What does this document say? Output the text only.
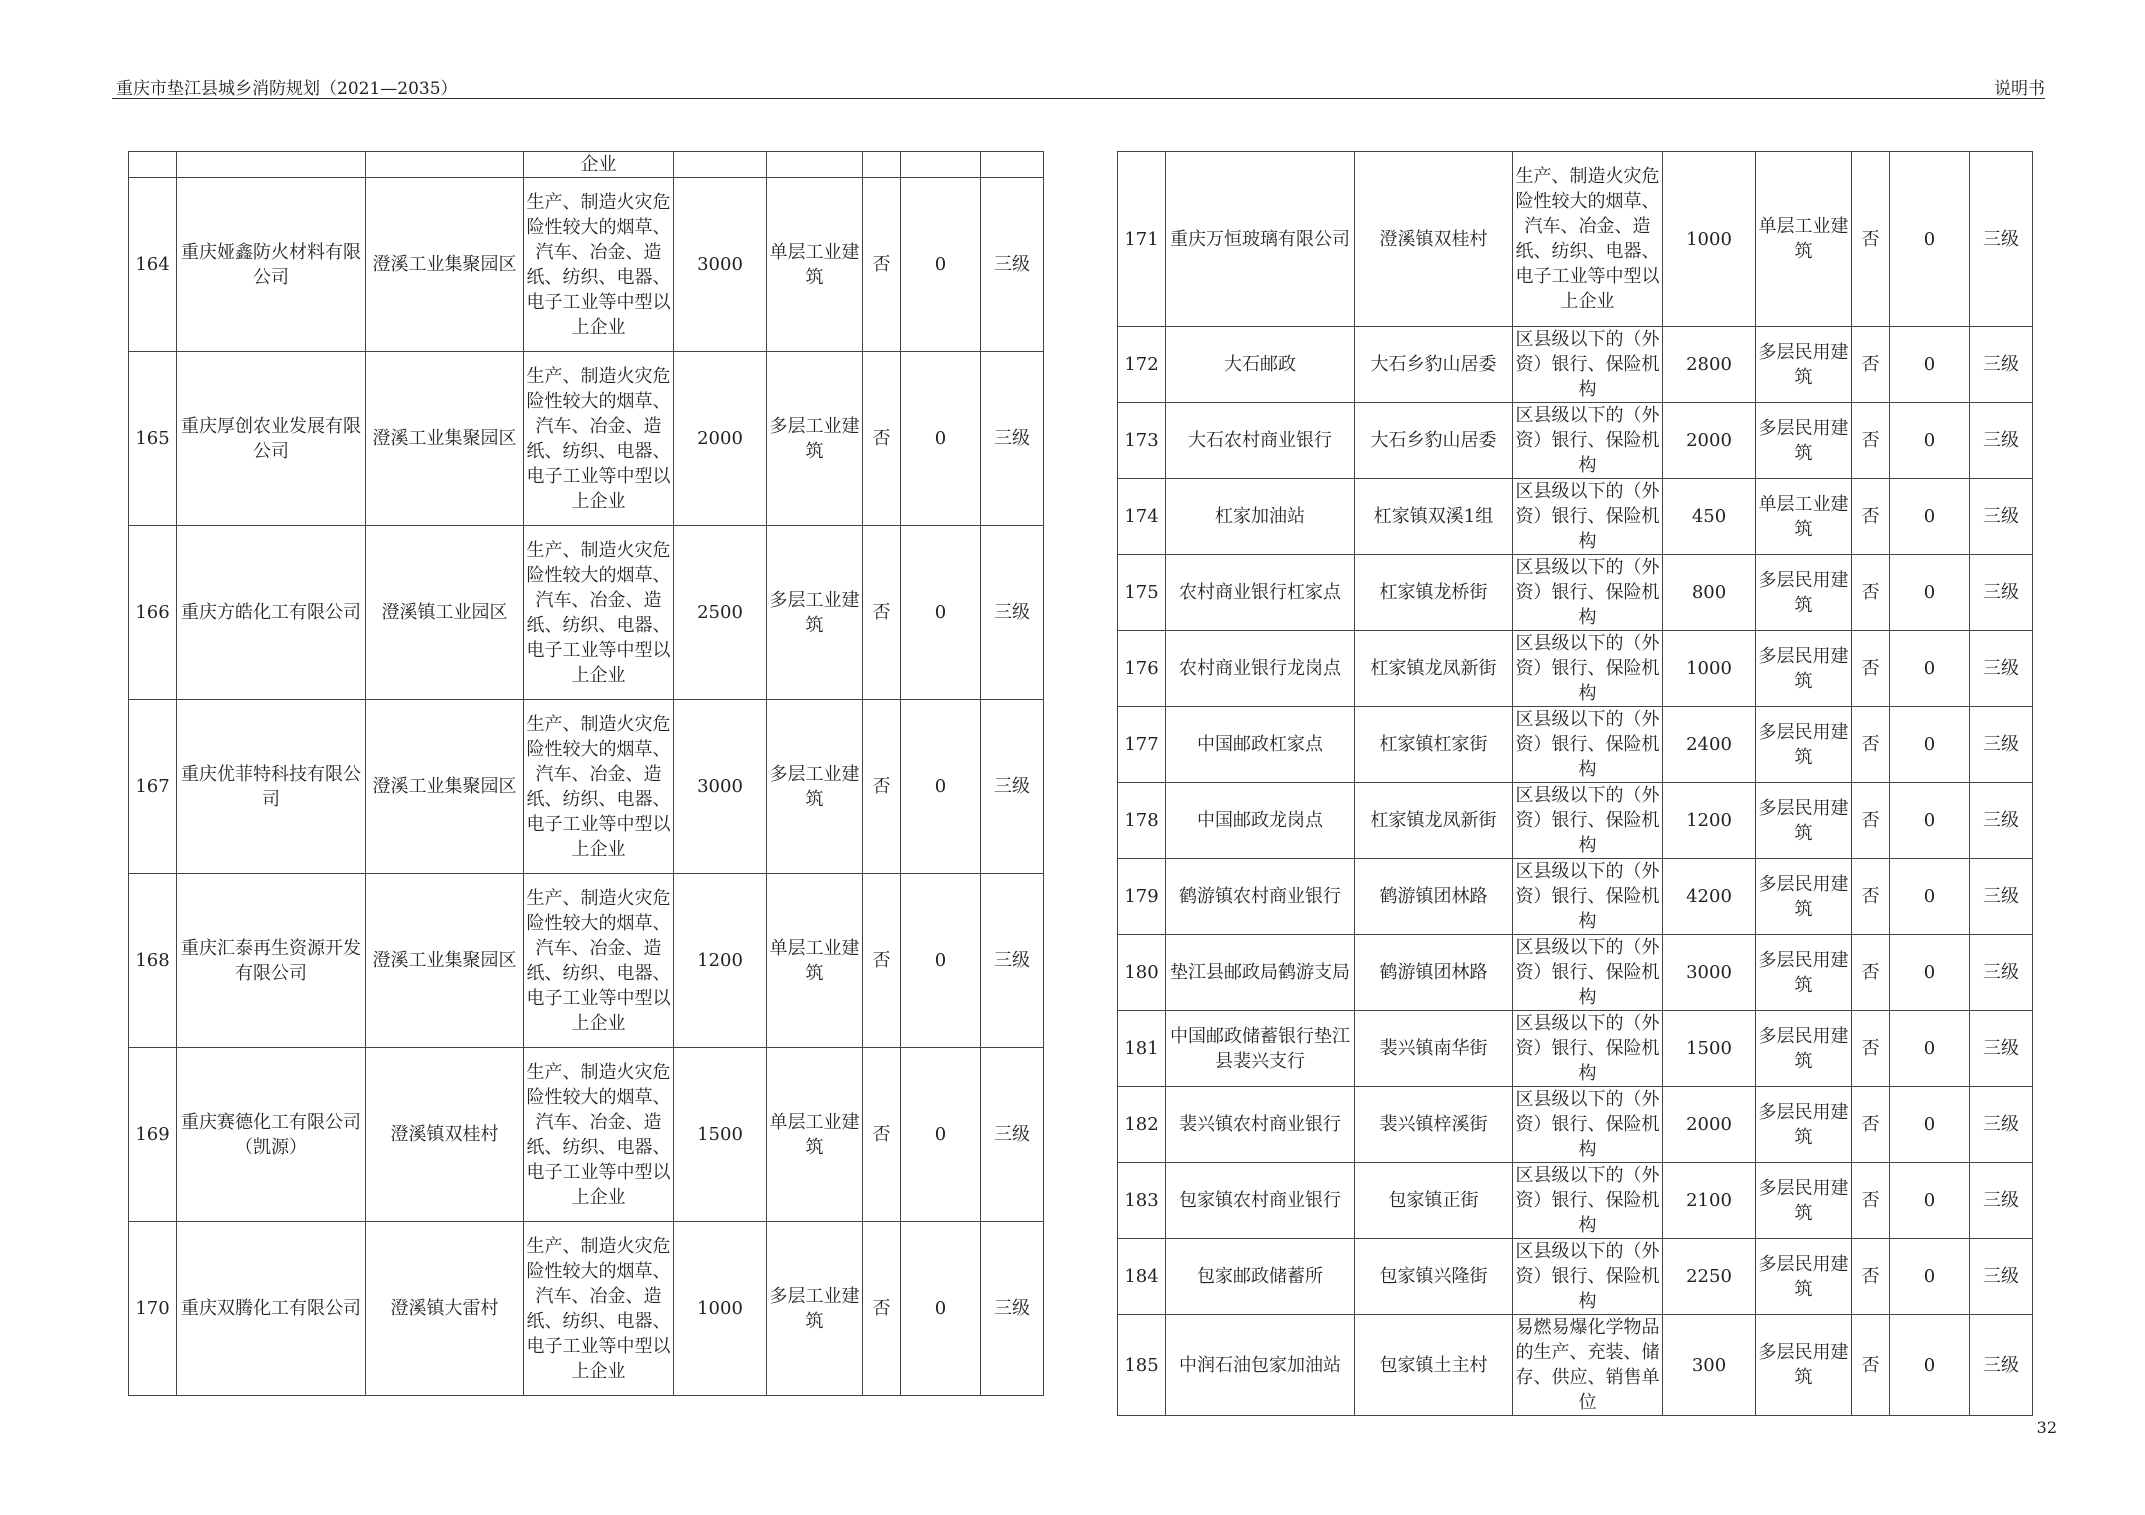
重庆市垫江县城乡消防规划（2021—2035）	说明书
			企业					
164	重庆娅鑫防火材料有限公司	澄溪工业集聚园区	生产、制造火灾危险性较大的烟草、汽车、冶金、造纸、纺织、电器、电子工业等中型以上企业	3000	单层工业建筑	否	0	三级
165	重庆厚创农业发展有限公司	澄溪工业集聚园区	生产、制造火灾危险性较大的烟草、汽车、冶金、造纸、纺织、电器、电子工业等中型以上企业	2000	多层工业建筑	否	0	三级
166	重庆方皓化工有限公司	澄溪镇工业园区	生产、制造火灾危险性较大的烟草、汽车、冶金、造纸、纺织、电器、电子工业等中型以上企业	2500	多层工业建筑	否	0	三级
167	重庆优菲特科技有限公司	澄溪工业集聚园区	生产、制造火灾危险性较大的烟草、汽车、冶金、造纸、纺织、电器、电子工业等中型以上企业	3000	多层工业建筑	否	0	三级
168	重庆汇泰再生资源开发有限公司	澄溪工业集聚园区	生产、制造火灾危险性较大的烟草、汽车、冶金、造纸、纺织、电器、电子工业等中型以上企业	1200	单层工业建筑	否	0	三级
169	重庆赛德化工有限公司（凯源）	澄溪镇双桂村	生产、制造火灾危险性较大的烟草、汽车、冶金、造纸、纺织、电器、电子工业等中型以上企业	1500	单层工业建筑	否	0	三级
170	重庆双腾化工有限公司	澄溪镇大雷村	生产、制造火灾危险性较大的烟草、汽车、冶金、造纸、纺织、电器、电子工业等中型以上企业	1000	多层工业建筑	否	0	三级
171	重庆万恒玻璃有限公司	澄溪镇双桂村	生产、制造火灾危险性较大的烟草、汽车、冶金、造纸、纺织、电器、电子工业等中型以上企业	1000	单层工业建筑	否	0	三级
172	大石邮政	大石乡豹山居委	区县级以下的（外资）银行、保险机构	2800	多层民用建筑	否	0	三级
173	大石农村商业银行	大石乡豹山居委	区县级以下的（外资）银行、保险机构	2000	多层民用建筑	否	0	三级
174	杠家加油站	杠家镇双溪1组	区县级以下的（外资）银行、保险机构	450	单层工业建筑	否	0	三级
175	农村商业银行杠家点	杠家镇龙桥街	区县级以下的（外资）银行、保险机构	800	多层民用建筑	否	0	三级
176	农村商业银行龙岗点	杠家镇龙凤新街	区县级以下的（外资）银行、保险机构	1000	多层民用建筑	否	0	三级
177	中国邮政杠家点	杠家镇杠家街	区县级以下的（外资）银行、保险机构	2400	多层民用建筑	否	0	三级
178	中国邮政龙岗点	杠家镇龙凤新街	区县级以下的（外资）银行、保险机构	1200	多层民用建筑	否	0	三级
179	鹤游镇农村商业银行	鹤游镇团林路	区县级以下的（外资）银行、保险机构	4200	多层民用建筑	否	0	三级
180	垫江县邮政局鹤游支局	鹤游镇团林路	区县级以下的（外资）银行、保险机构	3000	多层民用建筑	否	0	三级
181	中国邮政储蓄银行垫江县裴兴支行	裴兴镇南华街	区县级以下的（外资）银行、保险机构	1500	多层民用建筑	否	0	三级
182	裴兴镇农村商业银行	裴兴镇梓溪街	区县级以下的（外资）银行、保险机构	2000	多层民用建筑	否	0	三级
183	包家镇农村商业银行	包家镇正街	区县级以下的（外资）银行、保险机构	2100	多层民用建筑	否	0	三级
184	包家邮政储蓄所	包家镇兴隆街	区县级以下的（外资）银行、保险机构	2250	多层民用建筑	否	0	三级
185	中润石油包家加油站	包家镇土主村	易燃易爆化学物品的生产、充装、储存、供应、销售单位	300	多层民用建筑	否	0	三级
32
